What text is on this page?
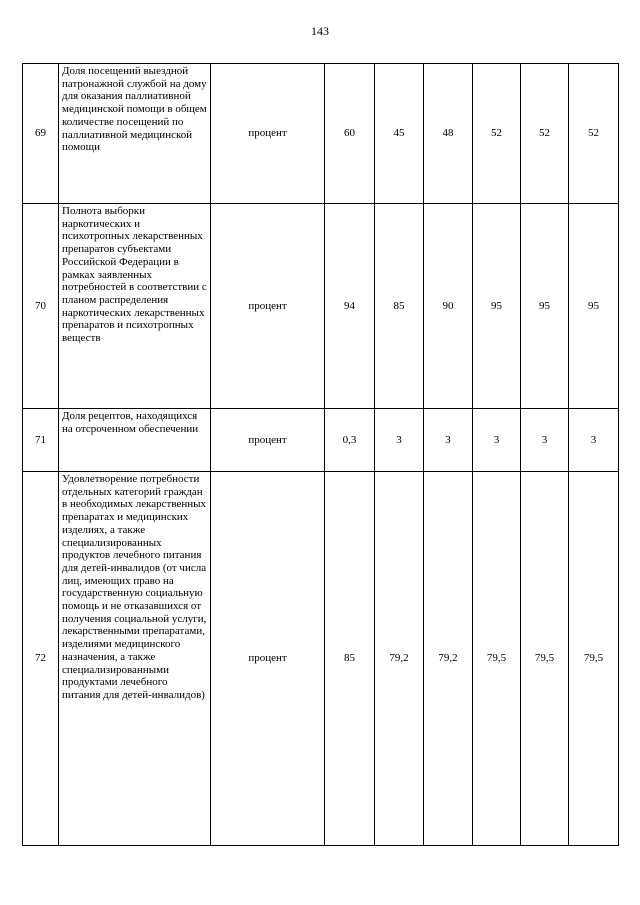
143
69	Доля посещений выездной патронажной службой на дому для оказания паллиативной медицинской помощи в общем количестве посещений по паллиативной медицинской помощи	процент	60	45	48	52	52	52
70	Полнота выборки наркотических и психотропных лекарственных препаратов субъектами Российской Федерации в рамках заявленных потребностей в соответствии с планом распределения наркотических лекарственных препаратов и психотропных веществ	процент	94	85	90	95	95	95
71	Доля рецептов, находящихся на отсроченном обеспечении	процент	0,3	3	3	3	3	3
72	Удовлетворение потребности отдельных категорий граждан в необходимых лекарственных препаратах и медицинских изделиях, а также специализированных продуктов лечебного питания для детей-инвалидов (от числа лиц, имеющих право на государственную социальную помощь и не отказавшихся от получения социальной услуги, лекарственными препаратами, изделиями медицинского назначения, а также специализированными продуктами лечебного питания для детей-инвалидов)	процент	85	79,2	79,2	79,5	79,5	79,5
